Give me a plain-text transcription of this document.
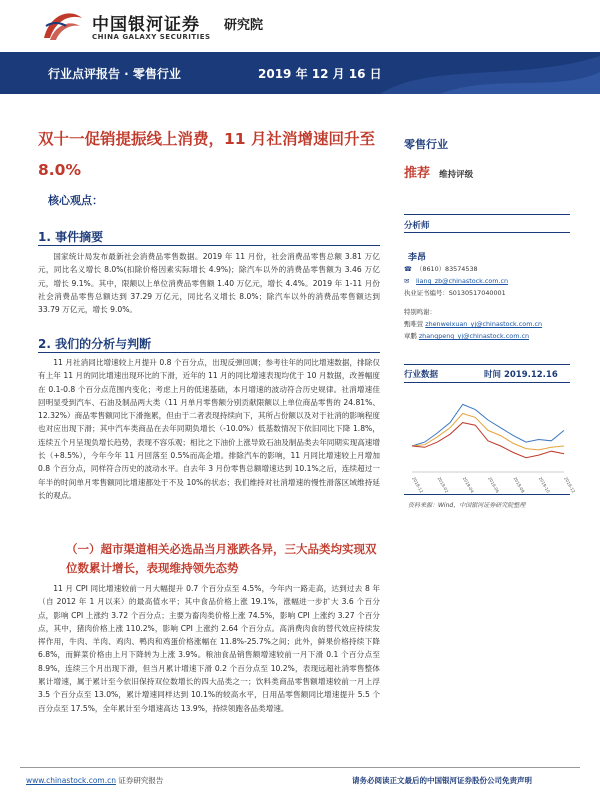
中国银河证券
CHINA GALAXY SECURITIES
研究院
行业点评报告 · 零售行业	2019 年 12 月 16 日
双十一促销提振线上消费，11 月社消增速回升至 8.0%
核心观点：
1. 事件摘要
国家统计局发布最新社会消费品零售数据。2019 年 11 月份，社会消费品零售总额 3.81 万亿元，同比名义增长 8.0%(扣除价格因素实际增长 4.9%)；除汽车以外的消费品零售额为 3.46 万亿元，增长 9.1%。其中，限额以上单位消费品零售额 1.40 万亿元，增长 4.4%。2019 年 1-11 月份社会消费品零售总额达到 37.29 万亿元，同比名义增长 8.0%；除汽车以外的消费品零售额达到 33.79 万亿元，增长 9.0%。
2. 我们的分析与判断
11 月社消同比增速较上月提升 0.8 个百分点，出现反弹回调；参考往年的同比增速数据，排除仅有上年 11 月的同比增速出现环比的下滑，近年的 11 月的同比增速表现均优于 10 月数据，改善幅度在 0.1-0.8 个百分点范围内变化；考虑上月的低速基础，本月增速的波动符合历史规律。社消增速佳回明显受到汽车、石油及制品两大类（11 月单月零售额分别贡献限额以上单位商品零售的 24.81%、12.32%）商品零售额同比下滑拖累，但由于二者表现持续向下，其所占份额以及对于社消的影响程度也对应出现下滑；其中汽车类商品在去年同期负增长（-10.0%）低基数情况下依旧同比下降 1.8%，连续五个月呈现负增长趋势，表现不容乐观；相比之下油价上涨导致石油及制品类去年同期实现高速增长（+8.5%），今年今年 11 月回落至 0.5%而高企增。排除汽车的影响，11 月同比增速较上月增加 0.8 个百分点，同样符合历史的波动水平。自去年 3 月份零售总额增速达到 10.1%之后，连续超过一年半的时间单月零售额同比增速都处于不及 10%的状态；我们维持对社消增速的慢性滑落区域维持延长的观点。
（一）超市渠道相关必选品当月涨跌各异，三大品类均实现双位数累计增长，表现维持领先态势
11 月 CPI 同比增速较前一月大幅提升 0.7 个百分点至 4.5%，今年内一路走高，达到过去 8 年（自 2012 年 1 月以来）的最高值水平；其中食品价格上涨 19.1%，涨幅进一步扩大 3.6 个百分点，影响 CPI 上涨约 3.72 个百分点；主要为畜肉类价格上涨 74.5%，影响 CPI 上涨约 3.27 个百分点，其中，猪肉价格上涨 110.2%，影响 CPI 上涨约 2.64 个百分点。高消费肉食的替代效应持续发挥作用，牛肉、羊肉、鸡肉、鸭肉和鸡蛋价格涨幅在 11.8%-25.7%之间；此外，鲜果价格持续下降 6.8%，而鲜菜价格由上月下降转为上涨 3.9%。粮油食品销售额增速较前一月下滑 0.1 个百分点至 8.9%，连续三个月出现下滑，但当月累计增速下滑 0.2 个百分点至 10.2%，表现远超社消零售整体累计增速，属于累计至今依旧保持双位数增长的四大品类之一；饮料类商品零售额增速较前一月上浮 3.5 个百分点至 13.0%，累计增速同样达到 10.1%的较高水平，日用品零售额同比增速提升 5.5 个百分点至 17.5%，全年累计至今增速高达 13.9%，持续领跑各品类增速。
零售行业
推荐 维持评级
分析师
李昂
☎ （8610）83574538
✉ liang_zb@chinastock.com.cn
执业证书编号：S0130517040001
特别鸣谢：
甄唯萱 zhenweixuan_yj@chinastock.com.cn
章鹏 zhangpeng_yj@chinastock.com.cn
行业数据	时间 2019.12.16
2018-12	2019-02	2019-04	2019-06	2019-08	2019-10	2019-12
资料来源：Wind，中国银河证券研究院整理
www.chinastock.com.cn 证券研究报告	请务必阅读正文最后的中国银河证券股份公司免责声明
